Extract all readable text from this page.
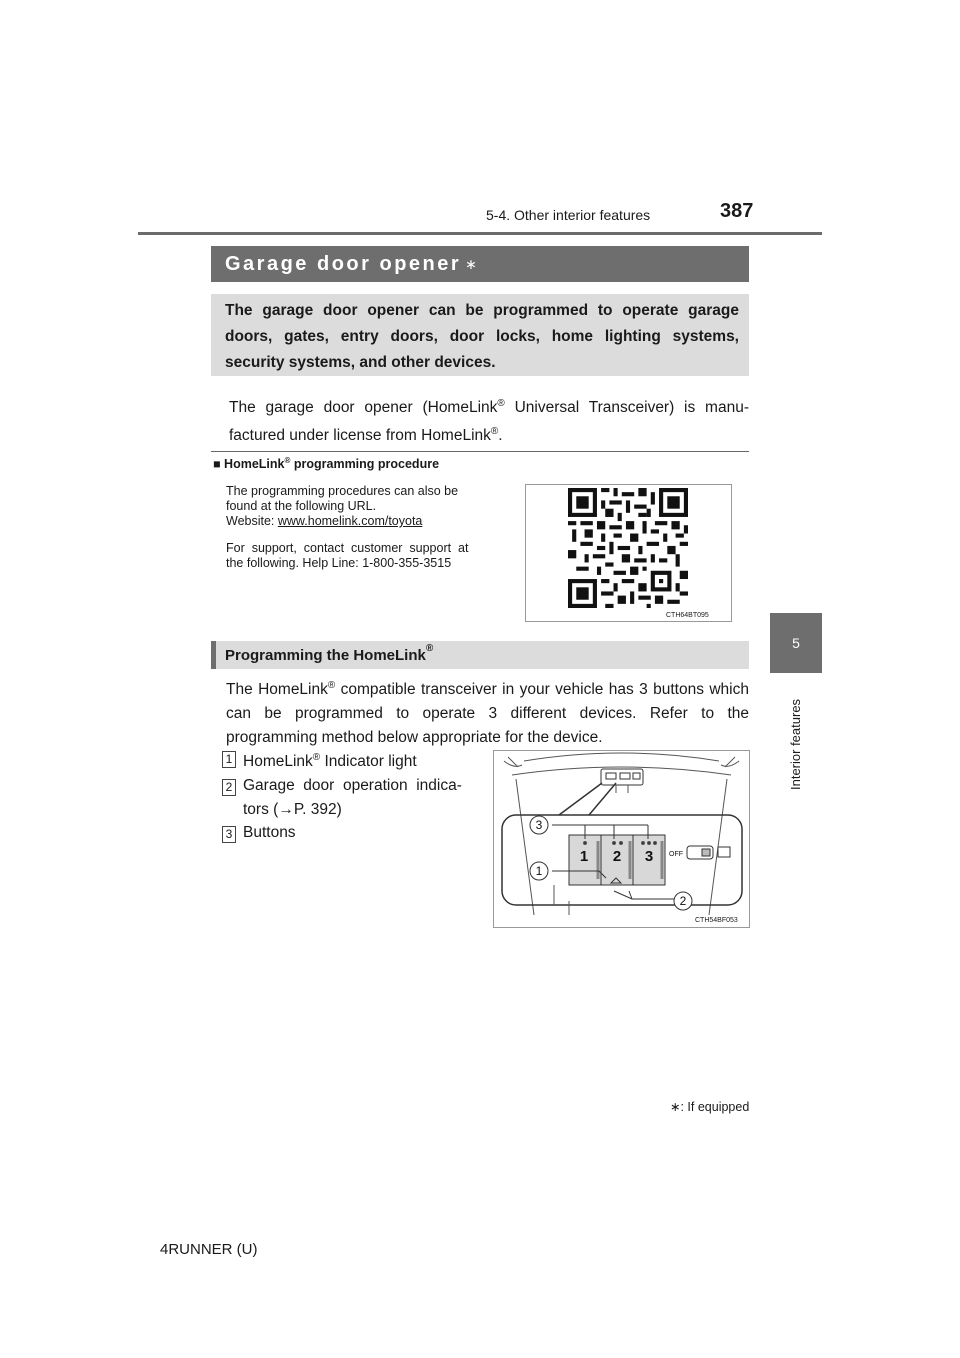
387
5-4. Other interior features
5
Interior features
Garage door opener ∗
The garage door opener can be programmed to operate garage doors, gates, entry doors, door locks, home lighting systems, security systems, and other devices.
The garage door opener (HomeLink® Universal Transceiver) is manu-factured under license from HomeLink®.
■ HomeLink® programming procedure
The programming procedures can also be
found at the following URL.
Website: www.homelink.com/toyota
For  support,  contact  customer  support  at
the following. Help Line: 1-800-355-3515
CTH64BT095
Programming the HomeLink®
The HomeLink® compatible transceiver in your vehicle has 3 buttons which can be programmed to operate 3 different devices. Refer to the programming method below appropriate for the device.
1 HomeLink® Indicator light
2 Garage  door  operation  indica-
tors (→P. 392)
3 Buttons	3
1
2
1 2 3 OFF
CTH54BF053
∗: If equipped
4RUNNER (U)
